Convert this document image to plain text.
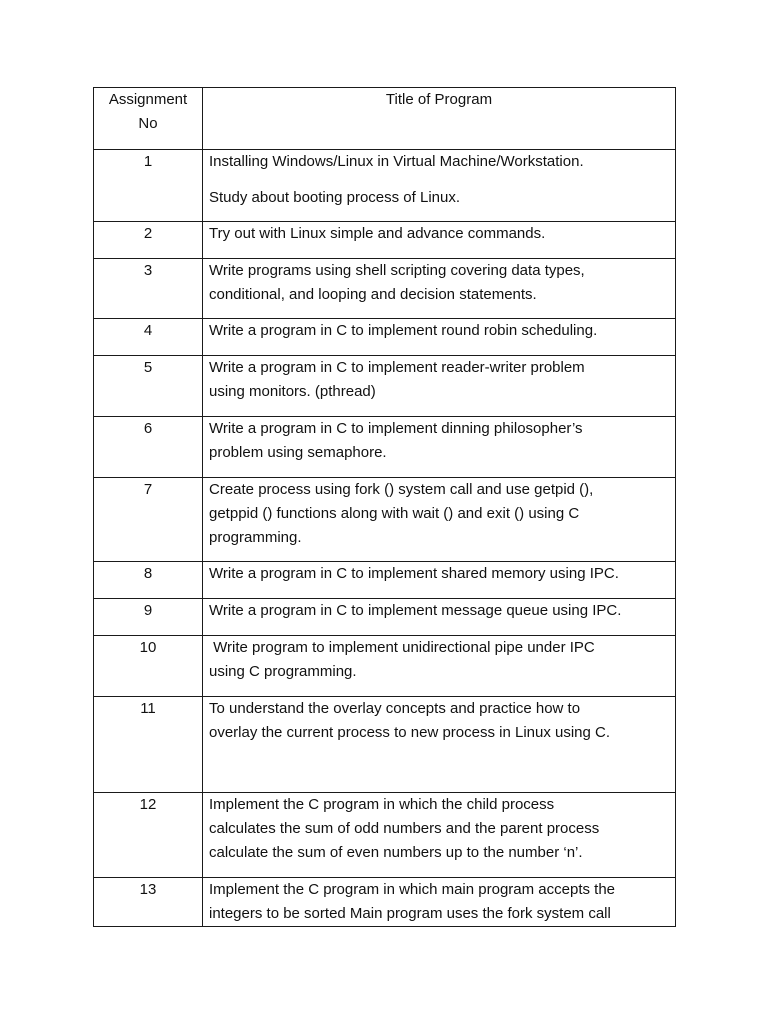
Assignment
No	Title of Program

1	Installing Windows/Linux in Virtual Machine/Workstation.
Study about booting process of Linux.

2	Try out with Linux simple and advance commands.

3	Write programs using shell scripting covering data types,
conditional, and looping and decision statements.

4	Write a program in C to implement round robin scheduling.

5	Write a program in C to implement reader-writer problem
using monitors. (pthread)

6	Write a program in C to implement dinning philosopher’s
problem using semaphore.

7	Create process using fork () system call and use getpid (),
getppid () functions along with wait () and exit () using C
programming.

8	Write a program in C to implement shared memory using IPC.

9	Write a program in C to implement message queue using IPC.

10	Write program to implement unidirectional pipe under IPC
using C programming.

11	To understand the overlay concepts and practice how to
overlay the current process to new process in Linux using C.

12	Implement the C program in which the child process
calculates the sum of odd numbers and the parent process
calculate the sum of even numbers up to the number ‘n’.

13	Implement the C program in which main program accepts the
integers to be sorted Main program uses the fork system call
